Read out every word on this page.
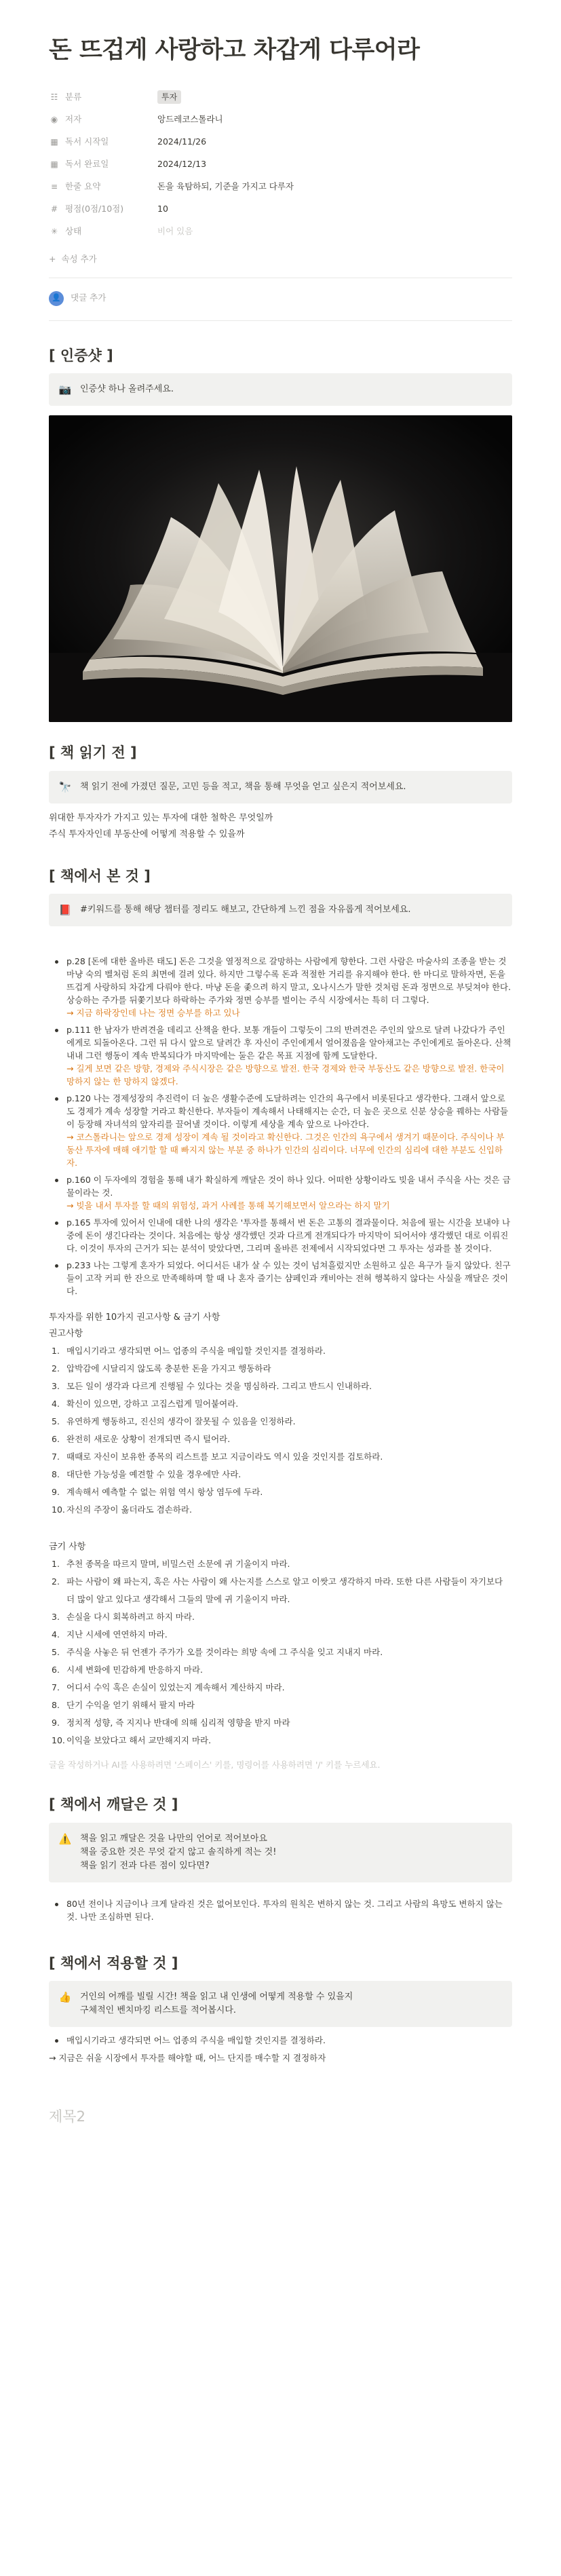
돈 뜨겁게 사랑하고 차갑게 다루어라
☷ 분류	투자
◉ 저자	앙드레코스톨라니
▦ 독서 시작일	2024/11/26
▦ 독서 완료일	2024/12/13
≡ 한줄 요약	돈을 육탐하되, 기준을 가지고 다루자
# 평점(0점/10점)	10
✳ 상태	비어 있음
+ 속성 추가
👤	댓글 추가
[ 인증샷 ]
📷 인증샷 하나 올려주세요.
[ 책 읽기 전 ]
🔭 책 읽기 전에 가졌던 질문, 고민 등을 적고, 책을 통해 무엇을 얻고 싶은지 적어보세요.
위대한 투자자가 가지고 있는 투자에 대한 철학은 무엇일까
주식 투자자인데 부동산에 어떻게 적용할 수 있을까
[ 책에서 본 것 ]
📕 #키워드를 통해 해당 챕터를 정리도 해보고, 간단하게 느낀 점을 자유롭게 적어보세요.
p.28 [돈에 대한 올바른 태도] 돈은 그것을 열정적으로 갈망하는 사람에게 향한다. 그런 사람은 마술사의 조종을 받는 것마냥 숙의 벨처럼 돈의 최면에 걸려 있다. 하지만 그렇수록 돈과 적절한 거리를 유지해야 한다. 한 마디로 말하자면, 돈을 뜨겁게 사랑하되 차갑게 다뤄야 한다. 마냥 돈을 좇으려 하지 말고, 오나시스가 말한 것처럼 돈과 정면으로 부딪쳐야 한다. 상승하는 주가를 뒤쫓기보다 하락하는 주가와 정면 승부를 벌이는 주식 시장에서는 특히 더 그렇다.
→ 지금 하락장인데 나는 정면 승부를 하고 있나
p.111 한 남자가 반려견을 데리고 산책을 한다. 보통 개들이 그렇듯이 그의 반려견은 주인의 앞으로 달려 나갔다가 주인에게로 되돌아온다. 그런 뒤 다시 앞으로 달려간 후 자신이 주인에게서 얼어졌음을 알아채고는 주인에게로 돌아온다. 산책 내내 그런 행동이 계속 반복되다가 마지막에는 둘은 같은 목표 지점에 함께 도달한다.
→ 길게 보면 같은 방향, 경제와 주식시장은 같은 방향으로 발전. 한국 경제와 한국 부동산도 같은 방향으로 발전. 한국이 망하지 않는 한 망하지 않겠다.
p.120 나는 경제성장의 추진력이 더 높은 생활수준에 도달하려는 인간의 욕구에서 비롯된다고 생각한다. 그래서 앞으로도 경제가 계속 성장할 거라고 확신한다. 부자들이 계속해서 나태해지는 순간, 더 높은 곳으로 신분 상승을 꿰하는 사람들이 등장해 자녀석의 앞자리를 끌어낼 것이다. 이렇게 세상을 계속 앞으로 나아간다.
→ 코스톨라니는 앞으로 경제 성장이 계속 될 것이라고 확신한다. 그것은 인간의 욕구에서 생겨기 때문이다. 주식이나 부동산 투자에 매해 애기할 할 때 빠지지 않는 부분 중 하나가 인간의 심리이다. 너무에 인간의 심리에 대한 부분도 신입하자.
p.160 이 두자에의 경험을 통해 내가 확실하게 깨달은 것이 하나 있다. 어떠한 상황이라도 빚을 내서 주식을 사는 것은 금물이라는 것.
→ 빚을 내서 투자를 할 때의 위험성, 과거 사례를 통해 복기해보면서 알으라는 하지 말기
p.165 투자에 있어서 인내에 대한 나의 생각은 '투자를 통해서 번 돈은 고통의 결과물이다. 처음에 필는 시간을 보내야 나중에 돈이 생긴다라는 것이다. 처음에는 항상 생각했던 것과 다르게 전개되다가 마지막이 되어서야 생각했던 대로 이뤄진다. 이것이 투자의 근거가 되는 분석이 맞았다면, 그리며 올바른 전제에서 시작되었다면 그 투자는 성과를 볼 것이다.
p.233 나는 그렇게 혼자가 되었다. 어디서든 내가 살 수 있는 것이 넘쳐흘렀지만 소원하고 싶은 욕구가 들지 않았다. 친구들이 고작 커피 한 잔으로 만족해하며 할 때 나 혼자 즐기는 샴페인과 캐비아는 전혀 행복하지 않다는 사실을 깨달은 것이다.
투자자를 위한 10가지 권고사항 & 금기 사항
권고사항
1. 매입시기라고 생각되면 어느 업종의 주식을 매입할 것인지를 결정하라.
2. 압박감에 시달리지 않도록 충분한 돈을 가지고 행동하라
3. 모든 일이 생각과 다르게 진행될 수 있다는 것을 명심하라. 그리고 반드시 인내하라.
4. 확신이 있으면, 강하고 고집스럽게 밀어붙여라.
5. 유연하게 행동하고, 진신의 생각이 잘못될 수 있음을 인정하라.
6. 완전히 새로운 상황이 전개되면 즉시 털어라.
7. 때때로 자신이 보유한 종목의 리스트를 보고 지금이라도 역시 있을 것인지를 검토하라.
8. 대단한 가능성을 예견할 수 있을 경우에만 사라.
9. 계속해서 예측할 수 없는 위험 역시 항상 염두에 두라.
10. 자신의 주장이 옳더라도 겸손하라.
금기 사항
1. 추천 종목을 따르지 말며, 비밀스런 소문에 귀 기울이지 마라.
2. 파는 사람이 왜 파는지, 혹은 사는 사람이 왜 사는지를 스스로 알고 이쌋고 생각하지 마라. 또한 다른 사람들이 자기보다 더 많이 알고 있다고 생각해서 그들의 말에 귀 기울이지 마라.
3. 손실을 다시 회복하려고 하지 마라.
4. 지난 시세에 연연하지 마라.
5. 주식을 사놓은 뒤 언젠가 주가가 오를 것이라는 희망 속에 그 주식을 잊고 지내지 마라.
6. 시세 변화에 민감하게 반응하지 마라.
7. 어디서 수익 혹은 손실이 있었는지 계속해서 계산하지 마라.
8. 단기 수익을 얻기 위해서 팔지 마라
9. 정치적 성향, 즉 지지나 반대에 의해 심리적 영향을 받지 마라
10. 이익을 보았다고 해서 교만해지지 마라.
글을 작성하거나 AI를 사용하려면 '스페이스' 키를, 명령어를 사용하려면 '/' 키를 누르세요.
[ 책에서 깨달은 것 ]
⚠️ 책을 읽고 깨달은 것을 나만의 언어로 적어보아요
책을 중요한 것은 무엇 같지 않고 솔직하게 적는 것!
책을 읽기 전과 다른 점이 있다면?
80년 전이나 지금이나 크게 달라진 것은 없어보인다. 투자의 원칙은 변하지 않는 것. 그리고 사람의 욕망도 변하지 않는 것. 나만 조심하면 된다.
[ 책에서 적용할 것 ]
👍 거인의 어깨를 빌릴 시간! 책을 읽고 내 인생에 어떻게 적용할 수 있을지
구체적인 벤치마킹 리스트를 적어봅시다.
매입시기라고 생각되면 어느 업종의 주식을 매입할 것인지를 결정하라.
→ 지금은 쉬울 시장에서 투자를 해야할 때, 어느 단지를 매수할 지 결정하자
제목2
